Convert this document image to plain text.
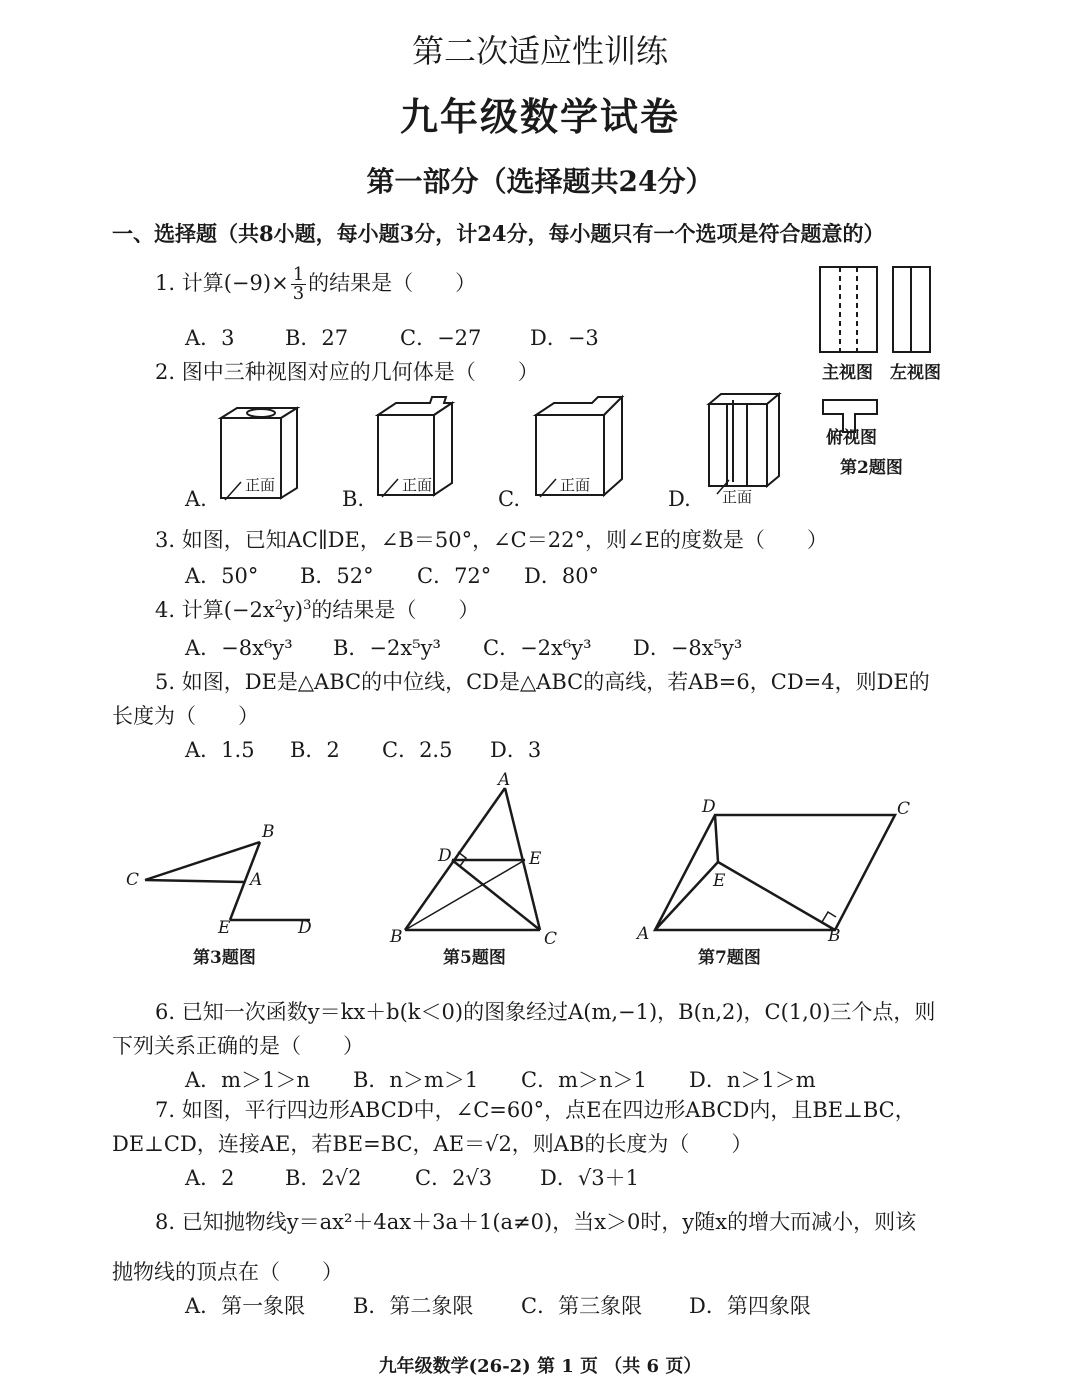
第二次适应性训练
九年级数学试卷
第一部分（选择题共24分）
一、选择题（共8小题，每小题3分，计24分，每小题只有一个选项是符合题意的）
1. 计算$(-9)\times \frac{1}{3}$ 的结果是（　　）
A．3 B．27 C．−27 D．−3
2. 图中三种视图对应的几何体是（　　）	主视图 左视图
俯视图
第2题图
A.	B.	C.	D.
正面	正面	正面
正面
3. 如图，已知AC∥DE，∠B＝50°，∠C＝22°，则∠E的度数是（　　）
A．50° B．52° C．72° D．80°
4. 计算$(-2x^2y)^3$的结果是（　　）
A．−8x⁶y³ B．−2x⁵y³ C．−2x⁶y³ D．−8x⁵y³
5. 如图，DE是△ABC的中位线，CD是△ABC的高线，若AB=6，CD=4，则DE的
长度为（　　）
A．1.5 B．2 C．2.5 D．3
B
C	A
E	D
第3题图
A
D	E
B	C
第5题图
D	C
E
A	B
第7题图
6. 已知一次函数y＝kx＋b(k＜0)的图象经过A(m,−1)，B(n,2)，C(1,0)三个点，则
下列关系正确的是（　　）
A．m＞1＞n B．n＞m＞1 C．m＞n＞1 D．n＞1＞m
7. 如图，平行四边形ABCD中，∠C=60°，点E在四边形ABCD内，且BE⊥BC，
DE⊥CD，连接AE，若BE=BC，AE＝√2，则AB的长度为（　　）
A．2 B．2√2	C．2√3 D．√3＋1
8. 已知抛物线y＝ax²＋4ax＋3a＋1(a≠0)，当x＞0时，y随x的增大而减小，则该
抛物线的顶点在（　　）
A．第一象限 B．第二象限 C．第三象限 D．第四象限
九年级数学(26-2) 第 1 页 （共 6 页）
